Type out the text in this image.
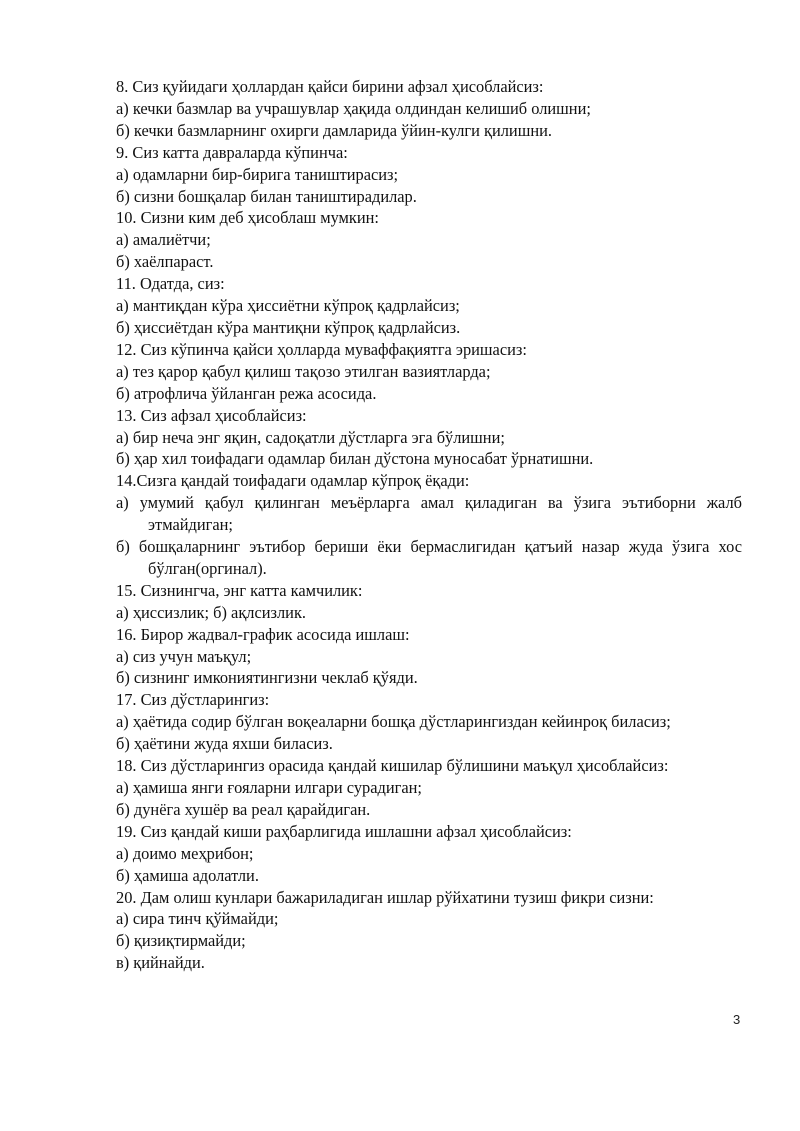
8. Сиз қуйидаги ҳоллардан қайси бирини афзал ҳисоблайсиз:
а) кечки базмлар ва учрашувлар ҳақида олдиндан келишиб олишни;
б) кечки базмларнинг охирги дамларида ўйин-кулги қилишни.
9. Сиз катта давраларда кўпинча:
а) одамларни бир-бирига таништирасиз;
б) сизни бошқалар билан таништирадилар.
10. Сизни ким деб ҳисоблаш мумкин:
а) амалиётчи;
б) хаёлпараст.
11. Одатда, сиз:
а) мантиқдан кўра ҳиссиётни кўпроқ қадрлайсиз;
б) ҳиссиётдан кўра мантиқни кўпроқ қадрлайсиз.
12. Сиз кўпинча қайси ҳолларда муваффақиятга эришасиз:
а) тез қарор қабул қилиш тақозо этилган вазиятларда;
б) атрофлича ўйланган режа асосида.
13. Сиз афзал ҳисоблайсиз:
а) бир неча энг яқин, садоқатли дўстларга эга бўлишни;
б) ҳар хил тоифадаги одамлар билан дўстона муносабат ўрнатишни.
14.Сизга қандай тоифадаги одамлар кўпроқ ёқади:
а) умумий қабул қилинган меъёрларга амал қиладиган ва ўзига эътиборни жалб этмайдиган;
б) бошқаларнинг эътибор бериши ёки бермаслигидан қатъий назар жуда ўзига хос бўлган(оргинал).
15. Сизнингча, энг катта камчилик:
а) ҳиссизлик; б) ақлсизлик.
16. Бирор жадвал-график асосида ишлаш:
а) сиз учун маъқул;
б) сизнинг имкониятингизни чеклаб қўяди.
17. Сиз дўстларингиз:
а) ҳаётида содир бўлган воқеаларни бошқа дўстларингиздан кейинроқ биласиз;
б) ҳаётини жуда яхши биласиз.
18. Сиз дўстларингиз орасида қандай кишилар бўлишини маъқул ҳисоблайсиз:
а) ҳамиша янги ғояларни илгари сурадиган;
б) дунёга хушёр ва реал қарайдиган.
19. Сиз қандай киши раҳбарлигида ишлашни афзал ҳисоблайсиз:
а) доимо меҳрибон;
б) ҳамиша адолатли.
20. Дам олиш кунлари бажариладиган ишлар рўйхатини тузиш фикри сизни:
а) сира тинч қўймайди;
б) қизиқтирмайди;
в) қийнайди.
3
